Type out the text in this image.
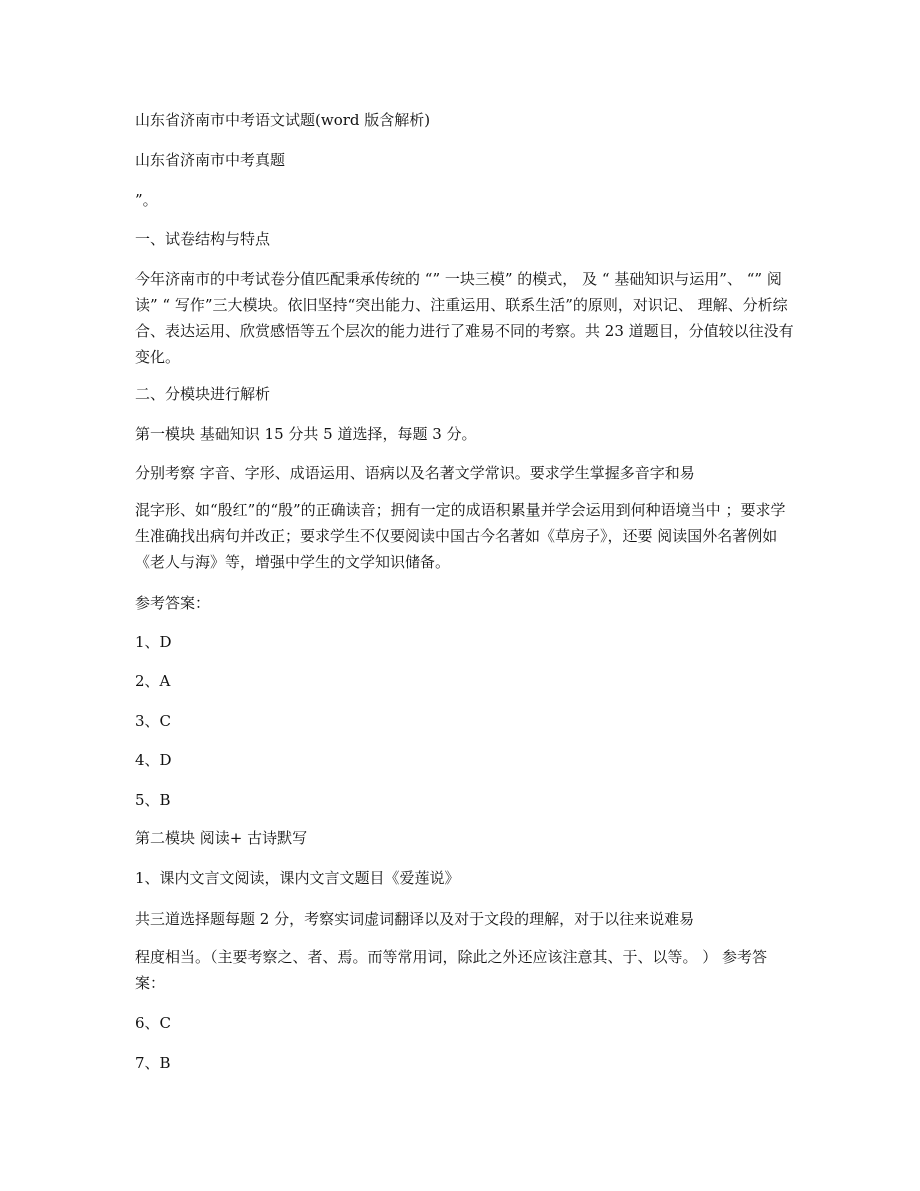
山东省济南市中考语文试题(word 版含解析)
山东省济南市中考真题
”。
一、试卷结构与特点
今年济南市的中考试卷分值匹配秉承传统的 “” 一块三模” 的模式， 及 “ 基础知识与运用”、 “” 阅读” “ 写作”三大模块。依旧坚持“突出能力、注重运用、联系生活”的原则，对识记、 理解、分析综合、表达运用、欣赏感悟等五个层次的能力进行了难易不同的考察。共 23 道题目，分值较以往没有变化。
二、分模块进行解析
第一模块 基础知识 15 分共 5 道选择，每题 3 分。
分别考察 字音、字形、成语运用、语病以及名著文学常识。要求学生掌握多音字和易
混字形、如“殷红”的“殷”的正确读音；拥有一定的成语积累量并学会运用到何种语境当中 ；要求学生准确找出病句并改正；要求学生不仅要阅读中国古今名著如《草房子》，还要 阅读国外名著例如《老人与海》等，增强中学生的文学知识储备。
参考答案：
1、D
2、A
3、C
4、D
5、B
第二模块 阅读+ 古诗默写
1、课内文言文阅读，课内文言文题目《爱莲说》
共三道选择题每题 2 分，考察实词虚词翻译以及对于文段的理解，对于以往来说难易
程度相当。（主要考察之、者、焉。而等常用词，除此之外还应该注意其、于、以等。 ） 参考答案：
6、C
7、B
